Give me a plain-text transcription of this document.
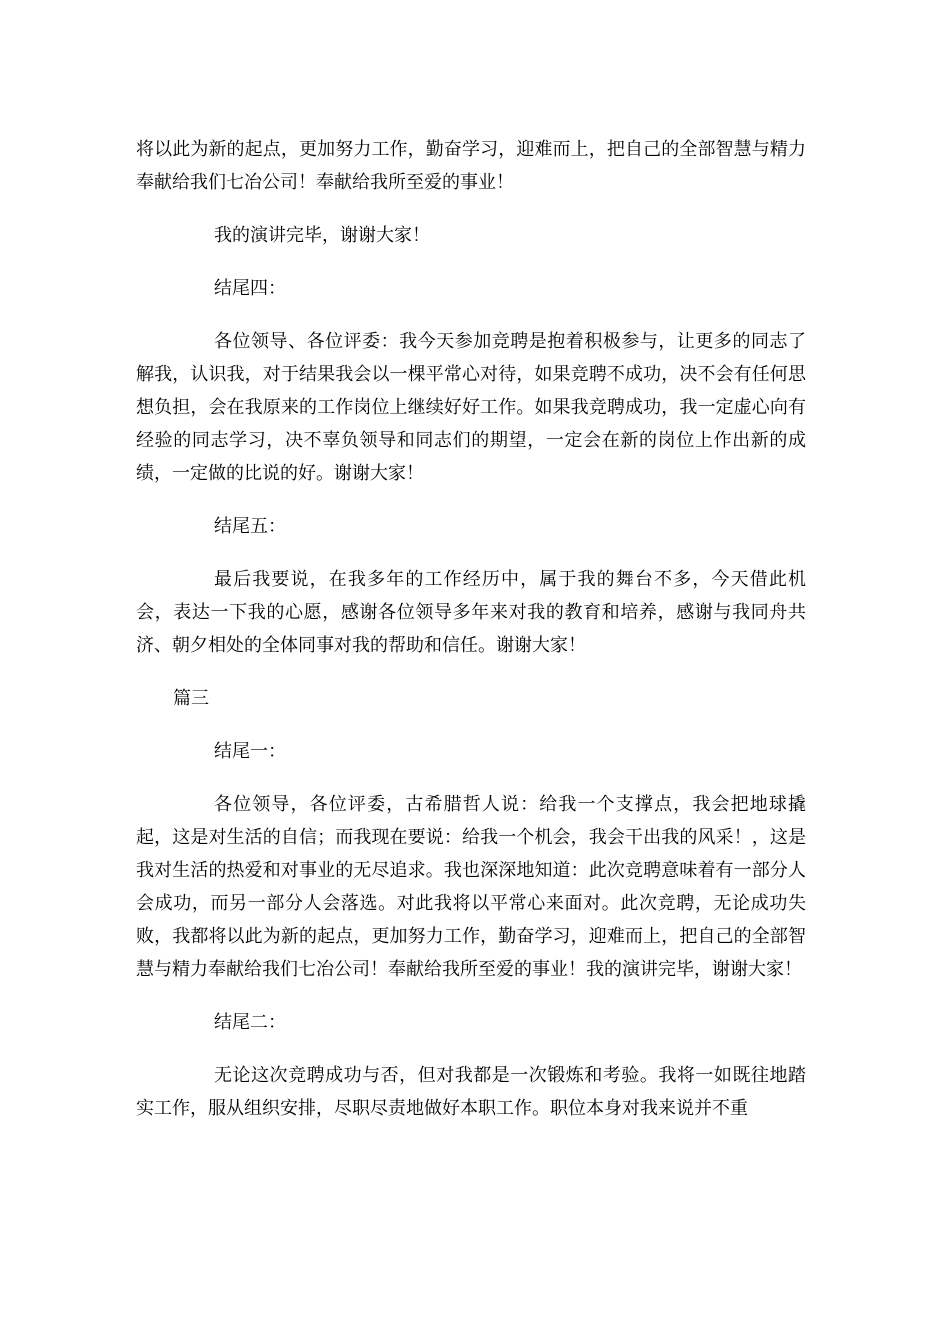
将以此为新的起点，更加努力工作，勤奋学习，迎难而上，把自己的全部智慧与精力奉献给我们七冶公司！奉献给我所至爱的事业！

我的演讲完毕，谢谢大家！

结尾四：

各位领导、各位评委：我今天参加竞聘是抱着积极参与，让更多的同志了解我，认识我，对于结果我会以一棵平常心对待，如果竞聘不成功，决不会有任何思想负担，会在我原来的工作岗位上继续好好工作。如果我竞聘成功，我一定虚心向有经验的同志学习，决不辜负领导和同志们的期望，一定会在新的岗位上作出新的成绩，一定做的比说的好。谢谢大家！

结尾五：

最后我要说，在我多年的工作经历中，属于我的舞台不多，今天借此机会，表达一下我的心愿，感谢各位领导多年来对我的教育和培养，感谢与我同舟共济、朝夕相处的全体同事对我的帮助和信任。谢谢大家！

篇三

结尾一：

各位领导，各位评委，古希腊哲人说：给我一个支撑点，我会把地球撬起，这是对生活的自信；而我现在要说：给我一个机会，我会干出我的风采！，这是我对生活的热爱和对事业的无尽追求。我也深深地知道：此次竞聘意味着有一部分人会成功，而另一部分人会落选。对此我将以平常心来面对。此次竞聘，无论成功失败，我都将以此为新的起点，更加努力工作，勤奋学习，迎难而上，把自己的全部智慧与精力奉献给我们七冶公司！奉献给我所至爱的事业！我的演讲完毕，谢谢大家！

结尾二：

无论这次竞聘成功与否，但对我都是一次锻炼和考验。我将一如既往地踏实工作，服从组织安排，尽职尽责地做好本职工作。职位本身对我来说并不重
